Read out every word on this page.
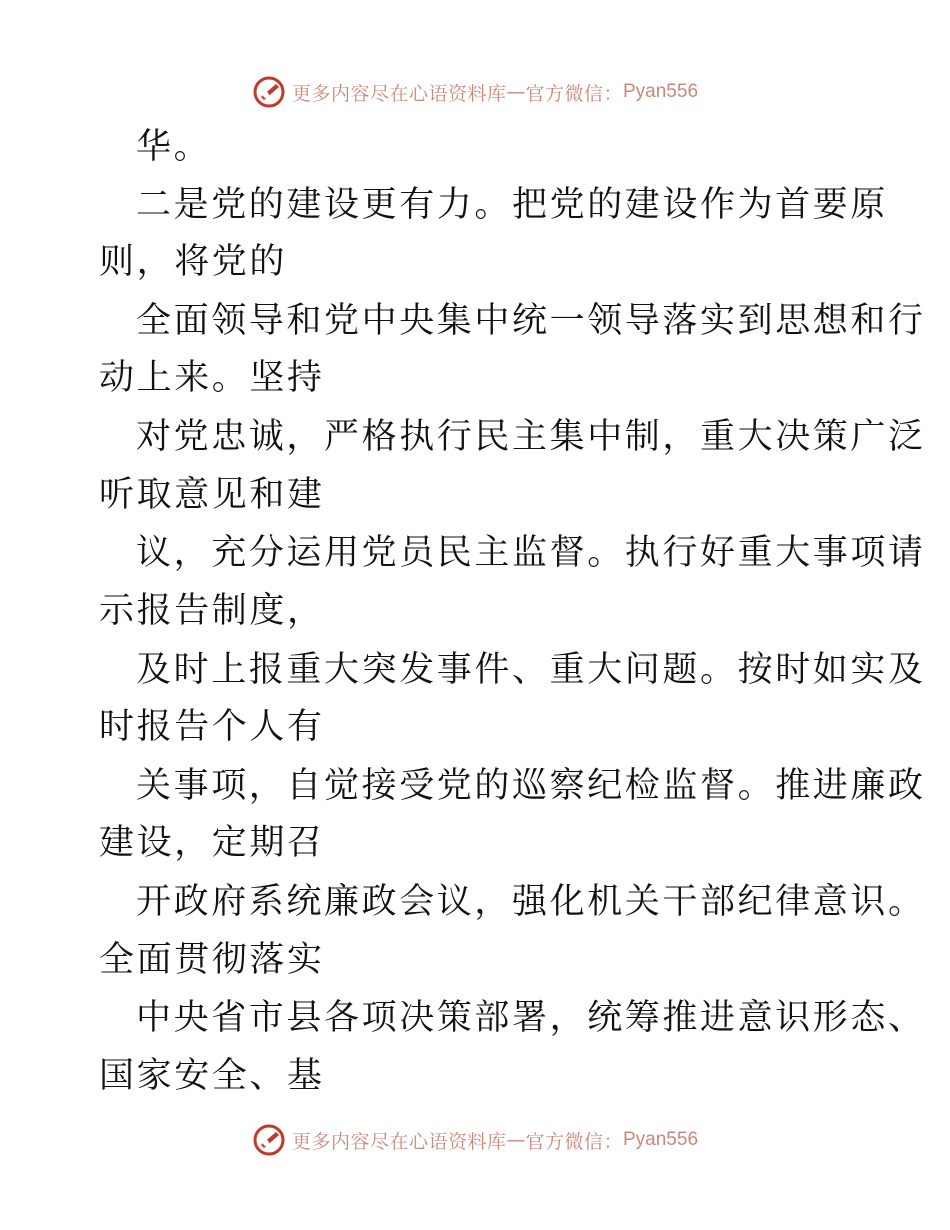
更多内容尽在心语资料库 — 官方微信： Pyan556
华。
二是党的建设更有力。把党的建设作为首要原
则，将党的
全面领导和党中央集中统一领导落实到思想和行
动上来。坚持
对党忠诚，严格执行民主集中制，重大决策广泛
听取意见和建
议，充分运用党员民主监督。执行好重大事项请
示报告制度，
及时上报重大突发事件、重大问题。按时如实及
时报告个人有
关事项，自觉接受党的巡察纪检监督。推进廉政
建设，定期召
开政府系统廉政会议，强化机关干部纪律意识。
全面贯彻落实
中央省市县各项决策部署，统筹推进意识形态、
国家安全、基
更多内容尽在心语资料库 — 官方微信： Pyan556
